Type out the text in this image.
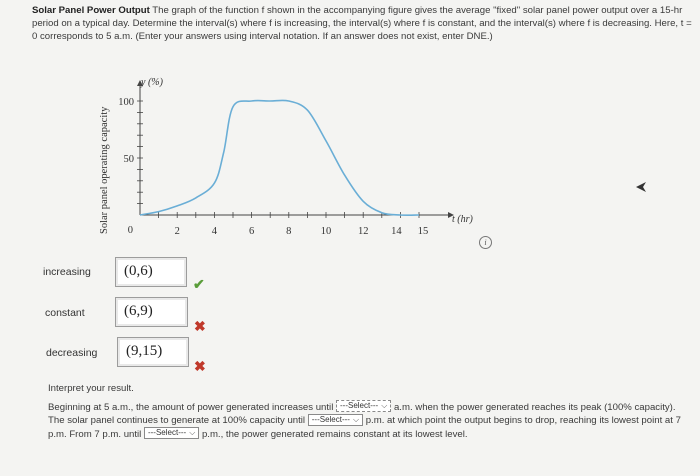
Solar Panel Power Output The graph of the function f shown in the accompanying figure gives the average "fixed" solar panel power output over a 15-hr period on a typical day. Determine the interval(s) where f is increasing, the interval(s) where f is constant, and the interval(s) where f is decreasing. Here, t = 0 corresponds to 5 a.m. (Enter your answers using interval notation. If an answer does not exist, enter DNE.)
2	4	6	8	10	12 14 15
100
50
0
Solar panel operating capacity
y (%)
t (hr)
i
increasing	(0,6)
✔
constant	(6,9)
✖
decreasing	(9,15)
✖
Interpret your result.
Beginning at 5 a.m., the amount of power generated increases until ---Select--- ⌵ a.m. when the power generated reaches its peak (100% capacity). The solar panel continues to generate at 100% capacity until ---Select--- ⌵ p.m. at which point the output begins to drop, reaching its lowest point at 7 p.m. From 7 p.m. until ---Select--- ⌵ p.m., the power generated remains constant at its lowest level.
